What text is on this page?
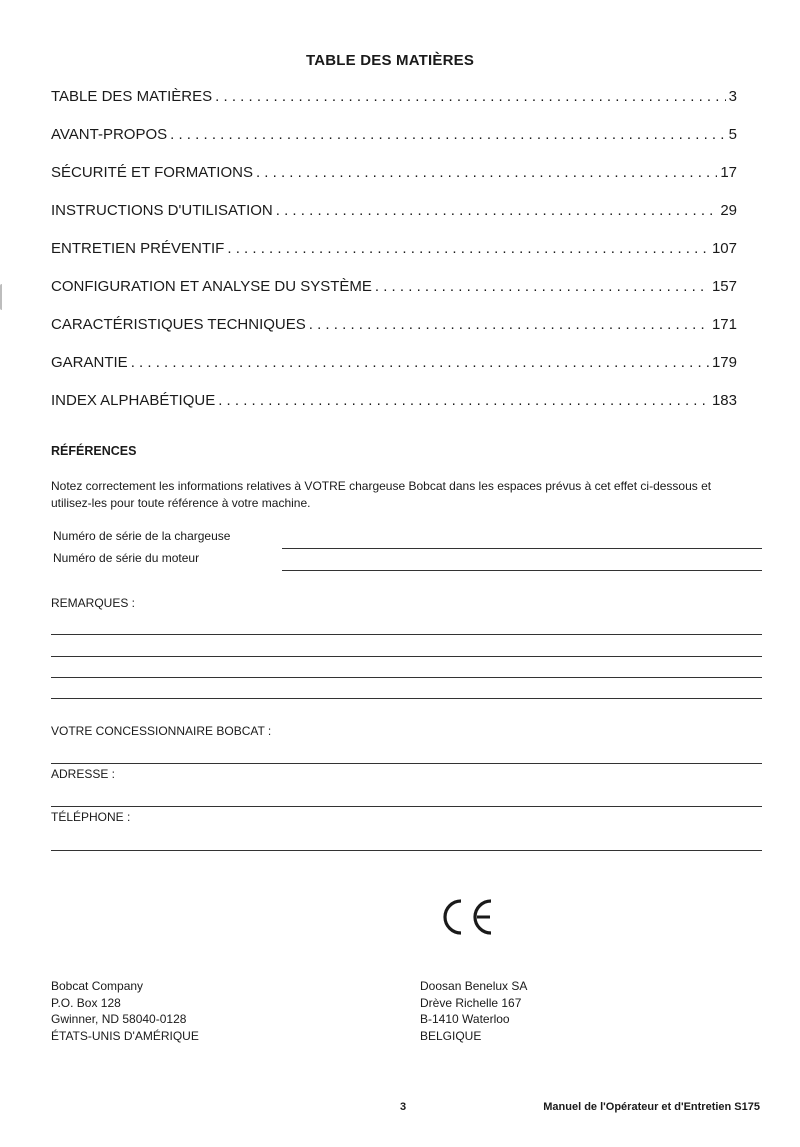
TABLE DES MATIÈRES
TABLE DES MATIÈRES . . .	3
AVANT-PROPOS . . .	5
SÉCURITÉ ET FORMATIONS . . .	17
INSTRUCTIONS D'UTILISATION . . .	29
ENTRETIEN PRÉVENTIF . . .	107
CONFIGURATION ET ANALYSE DU SYSTÈME . . .	157
CARACTÉRISTIQUES TECHNIQUES . . .	171
GARANTIE . . .	179
INDEX ALPHABÉTIQUE . . .	183
RÉFÉRENCES
Notez correctement les informations relatives à VOTRE chargeuse Bobcat dans les espaces prévus à cet effet ci-dessous et utilisez-les pour toute référence à votre machine.
Numéro de série de la chargeuse
Numéro de série du moteur
REMARQUES :
VOTRE CONCESSIONNAIRE BOBCAT :
ADRESSE :
TÉLÉPHONE :
Bobcat Company
P.O. Box 128
Gwinner, ND 58040-0128
ÉTATS-UNIS D'AMÉRIQUE
Doosan Benelux SA
Drève Richelle 167
B-1410 Waterloo
BELGIQUE
3	Manuel de l'Opérateur et d'Entretien S175
